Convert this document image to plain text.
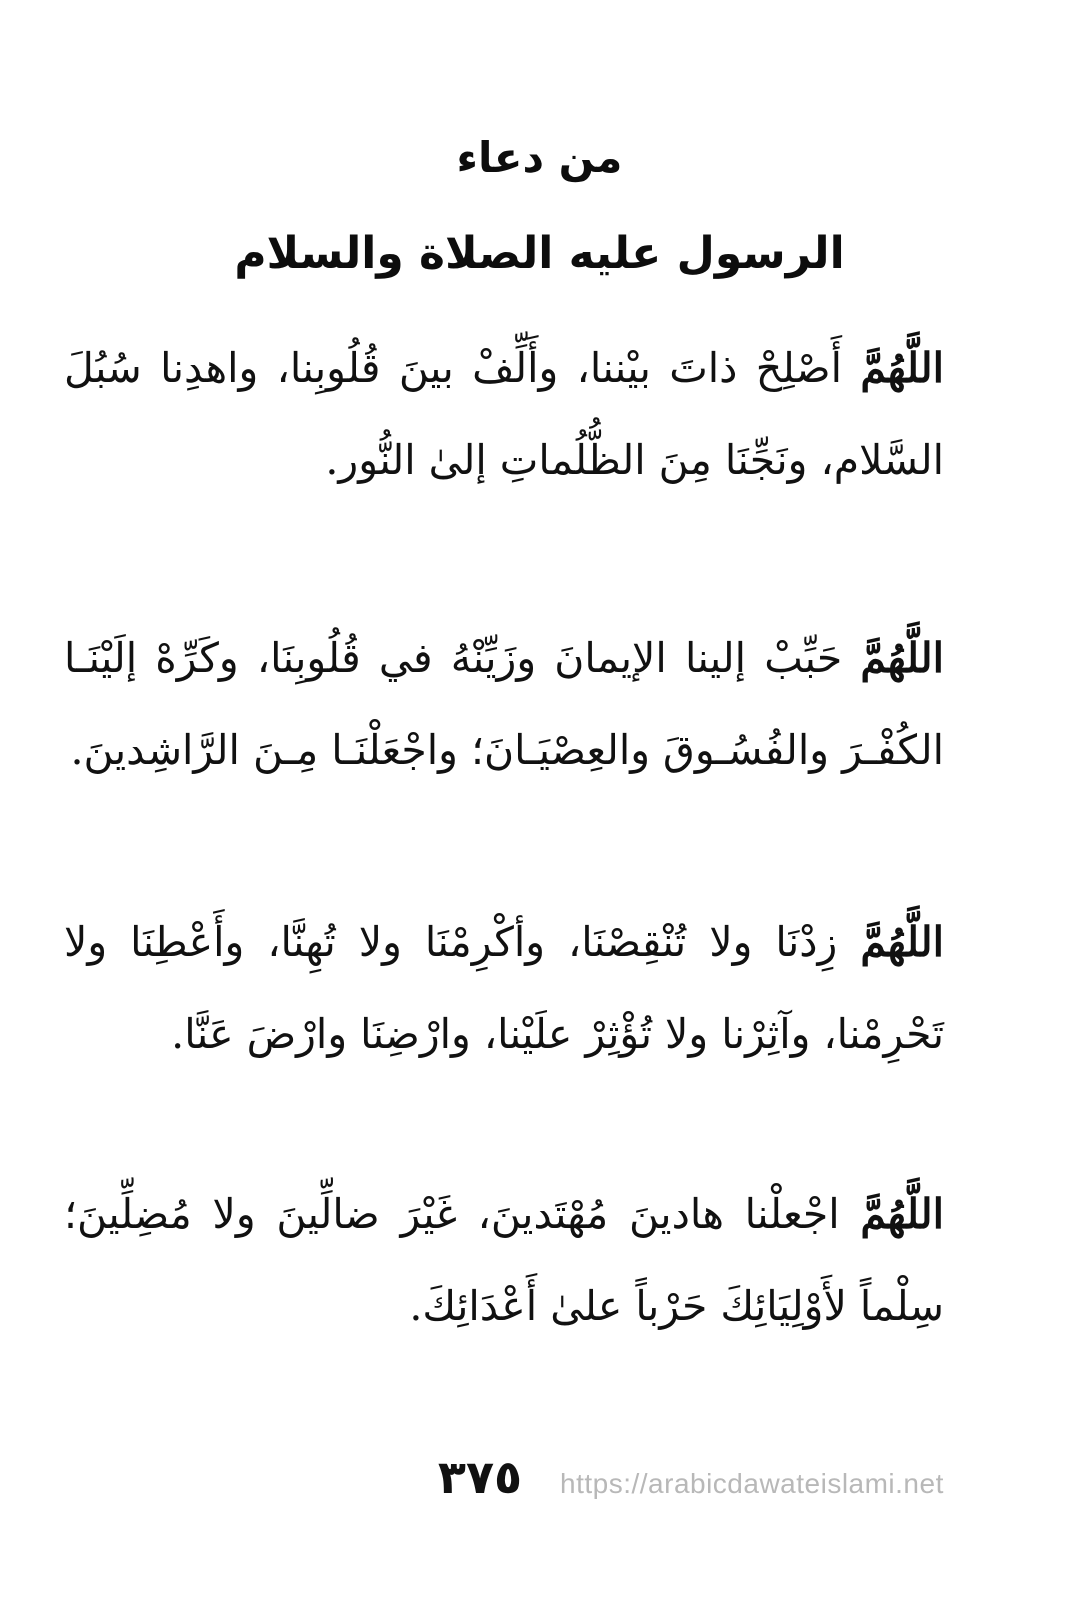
من دعاء
الرسول عليه الصلاة والسلام

اللَّهُمَّ أَصْلِحْ ذاتَ بيْننا، وأَلِّفْ بينَ قُلُوبِنا، واهدِنا سُبُلَ السَّلام، ونَجِّنَا مِنَ الظُّلُماتِ إلىٰ النُّور.

اللَّهُمَّ حَبِّبْ إلينا الإيمانَ وزَيِّنْهُ في قُلُوبِنَا، وكَرِّهْ إلَيْنَـا الكُفْـرَ والفُسُـوقَ والعِصْيَـانَ؛ واجْعَلْنَـا مِـنَ الرَّاشِدينَ.

اللَّهُمَّ زِدْنَا ولا تُنْقِصْنَا، وأكْرِمْنَا ولا تُهِنَّا، وأَعْطِنَا ولا تَحْرِمْنا، وآثِرْنا ولا تُؤْثِرْ علَيْنا، وارْضِنَا وارْضَ عَنَّا.

اللَّهُمَّ اجْعلْنا هادينَ مُهْتَدينَ، غَيْرَ ضالِّينَ ولا مُضِلِّينَ؛ سِلْماً لأَوْلِيَائِكَ حَرْباً علىٰ أَعْدَائِكَ.

٣٧٥	https://arabicdawateislami.net
